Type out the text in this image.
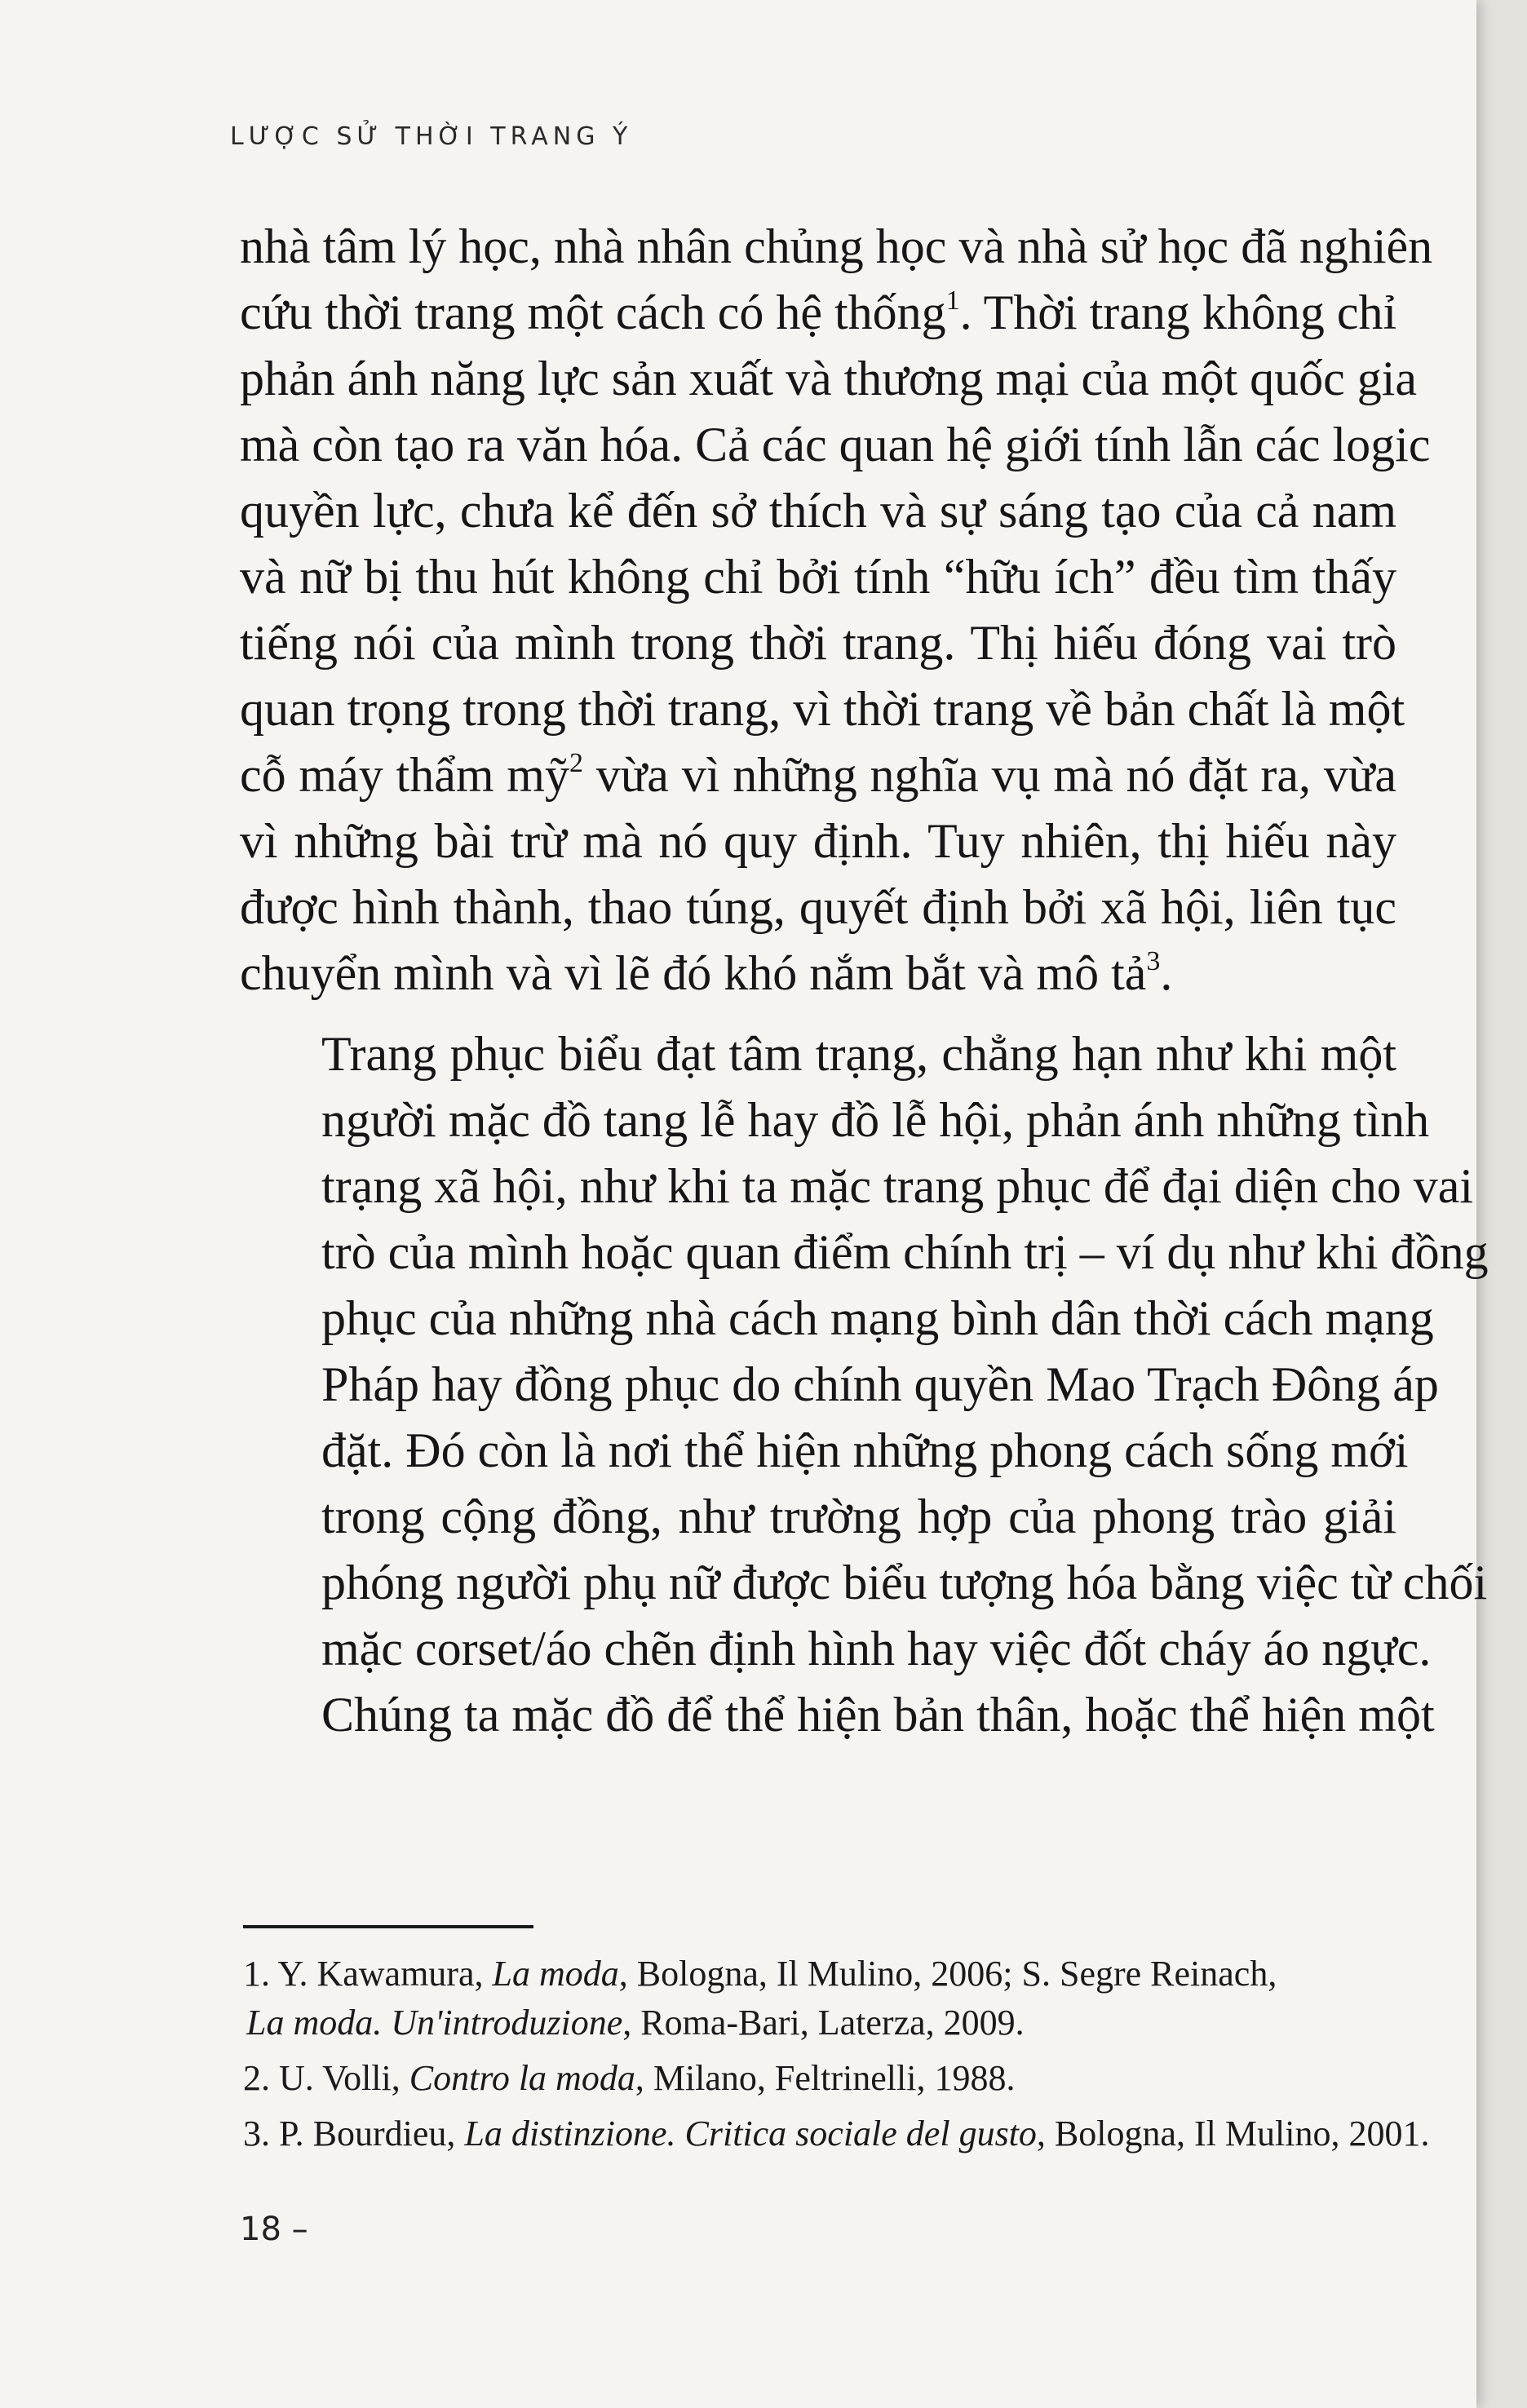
LƯỢC SỬ THỜI TRANG Ý
nhà tâm lý học, nhà nhân chủng học và nhà sử học đã nghiên
cứu thời trang một cách có hệ thống$^1$. Thời trang không chỉ
phản ánh năng lực sản xuất và thương mại của một quốc gia
mà còn tạo ra văn hóa. Cả các quan hệ giới tính lẫn các logic
quyền lực, chưa kể đến sở thích và sự sáng tạo của cả nam
và nữ bị thu hút không chỉ bởi tính “hữu ích” đều tìm thấy
tiếng nói của mình trong thời trang. Thị hiếu đóng vai trò
quan trọng trong thời trang, vì thời trang về bản chất là một
cỗ máy thẩm mỹ$^2$ vừa vì những nghĩa vụ mà nó đặt ra, vừa
vì những bài trừ mà nó quy định. Tuy nhiên, thị hiếu này
được hình thành, thao túng, quyết định bởi xã hội, liên tục
chuyển mình và vì lẽ đó khó nắm bắt và mô tả$^3$.
Trang phục biểu đạt tâm trạng, chẳng hạn như khi một
người mặc đồ tang lễ hay đồ lễ hội, phản ánh những tình
trạng xã hội, như khi ta mặc trang phục để đại diện cho vai
trò của mình hoặc quan điểm chính trị – ví dụ như khi đồng
phục của những nhà cách mạng bình dân thời cách mạng
Pháp hay đồng phục do chính quyền Mao Trạch Đông áp
đặt. Đó còn là nơi thể hiện những phong cách sống mới
trong cộng đồng, như trường hợp của phong trào giải
phóng người phụ nữ được biểu tượng hóa bằng việc từ chối
mặc corset/áo chẽn định hình hay việc đốt cháy áo ngực.
Chúng ta mặc đồ để thể hiện bản thân, hoặc thể hiện một
1. Y. Kawamura, La moda, Bologna, Il Mulino, 2006; S. Segre Reinach,
La moda. Un'introduzione, Roma-Bari, Laterza, 2009.
2. U. Volli, Contro la moda, Milano, Feltrinelli, 1988.
3. P. Bourdieu, La distinzione. Critica sociale del gusto, Bologna, Il Mulino, 2001.
18 –
